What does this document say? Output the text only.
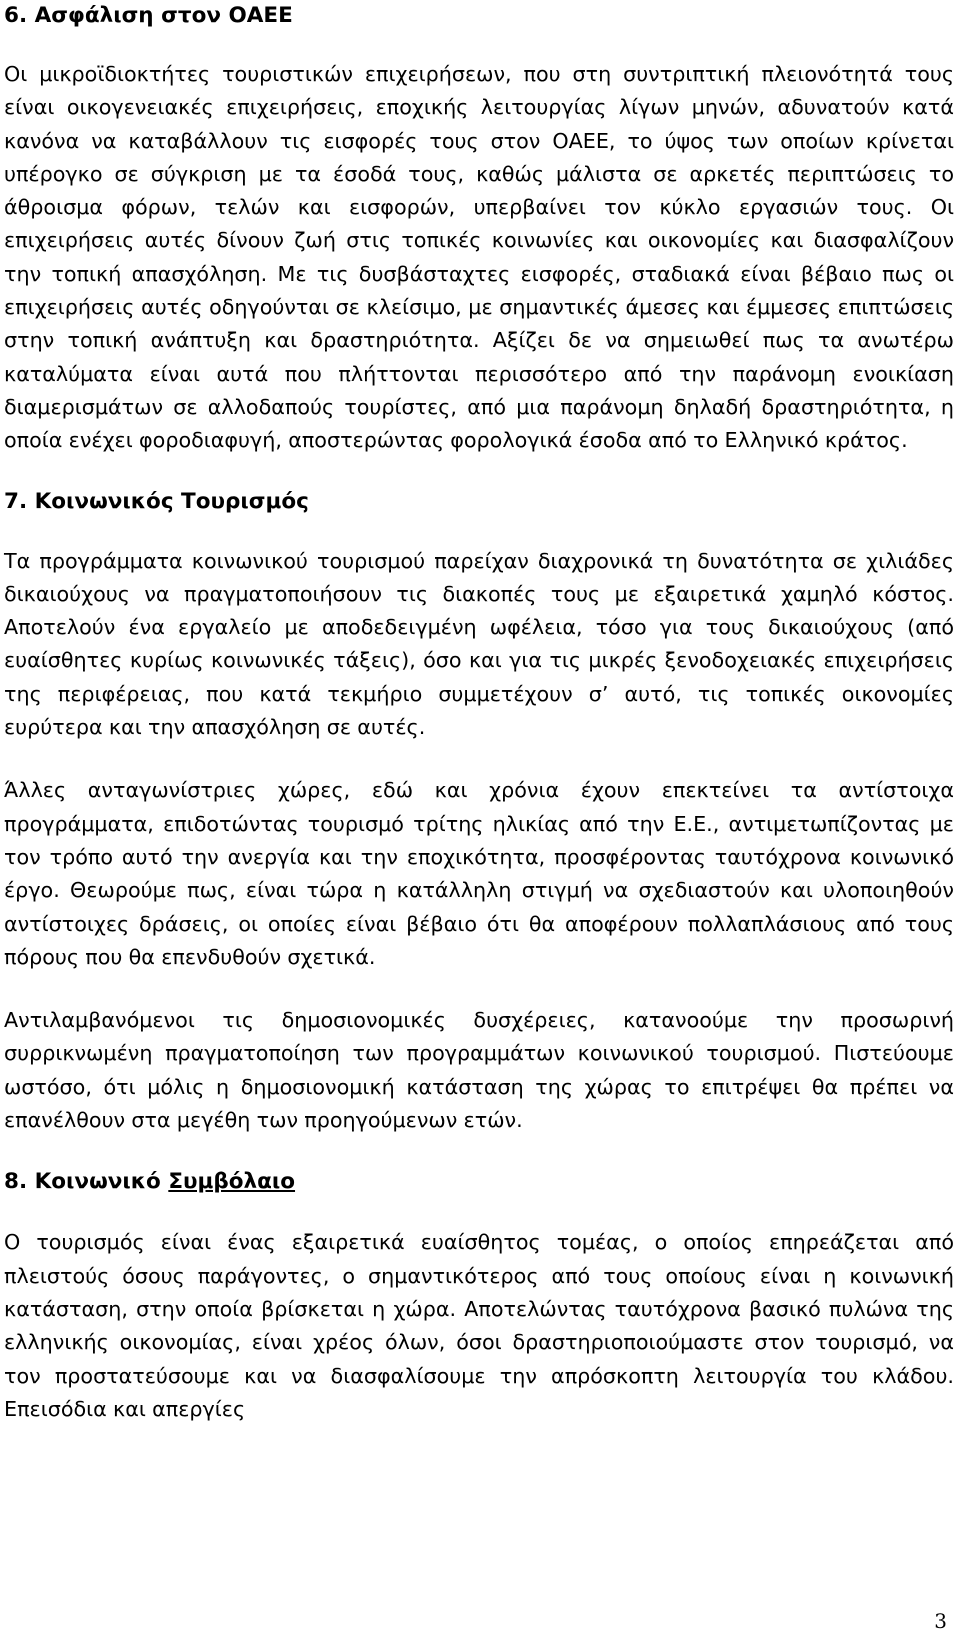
6. Ασφάλιση στον ΟΑΕΕ

Οι μικροϊδιοκτήτες τουριστικών επιχειρήσεων, που στη συντριπτική πλειονότητά τους είναι οικογενειακές επιχειρήσεις, εποχικής λειτουργίας λίγων μηνών, αδυνατούν κατά κανόνα να καταβάλλουν τις εισφορές τους στον ΟΑΕΕ, το ύψος των οποίων κρίνεται υπέρογκο σε σύγκριση με τα έσοδά τους, καθώς μάλιστα σε αρκετές περιπτώσεις το άθροισμα φόρων, τελών και εισφορών, υπερβαίνει τον κύκλο εργασιών τους. Οι επιχειρήσεις αυτές δίνουν ζωή στις τοπικές κοινωνίες και οικονομίες και διασφαλίζουν την τοπική απασχόληση. Με τις δυσβάσταχτες εισφορές, σταδιακά είναι βέβαιο πως οι επιχειρήσεις αυτές οδηγούνται σε κλείσιμο, με σημαντικές άμεσες και έμμεσες επιπτώσεις στην τοπική ανάπτυξη και δραστηριότητα. Αξίζει δε να σημειωθεί πως τα ανωτέρω καταλύματα είναι αυτά που πλήττονται περισσότερο από την παράνομη ενοικίαση διαμερισμάτων σε αλλοδαπούς τουρίστες, από μια παράνομη δηλαδή δραστηριότητα, η οποία ενέχει φοροδιαφυγή, αποστερώντας φορολογικά έσοδα από το Ελληνικό κράτος.

7. Κοινωνικός Τουρισμός

Τα προγράμματα κοινωνικού τουρισμού παρείχαν διαχρονικά τη δυνατότητα σε χιλιάδες δικαιούχους να πραγματοποιήσουν τις διακοπές τους με εξαιρετικά χαμηλό κόστος. Αποτελούν ένα εργαλείο με αποδεδειγμένη ωφέλεια, τόσο για τους δικαιούχους (από ευαίσθητες κυρίως κοινωνικές τάξεις), όσο και για τις μικρές ξενοδοχειακές επιχειρήσεις της περιφέρειας, που κατά τεκμήριο συμμετέχουν σ’ αυτό, τις τοπικές οικονομίες ευρύτερα και την απασχόληση σε αυτές.

Άλλες ανταγωνίστριες χώρες, εδώ και χρόνια έχουν επεκτείνει τα αντίστοιχα προγράμματα, επιδοτώντας τουρισμό τρίτης ηλικίας από την Ε.Ε., αντιμετωπίζοντας με τον τρόπο αυτό την ανεργία και την εποχικότητα, προσφέροντας ταυτόχρονα κοινωνικό έργο. Θεωρούμε πως, είναι τώρα η κατάλληλη στιγμή να σχεδιαστούν και υλοποιηθούν αντίστοιχες δράσεις, οι οποίες είναι βέβαιο ότι θα αποφέρουν πολλαπλάσιους από τους πόρους που θα επενδυθούν σχετικά.

Αντιλαμβανόμενοι τις δημοσιονομικές δυσχέρειες, κατανοούμε την προσωρινή συρρικνωμένη πραγματοποίηση των προγραμμάτων κοινωνικού τουρισμού. Πιστεύουμε ωστόσο, ότι μόλις η δημοσιονομική κατάσταση της χώρας το επιτρέψει θα πρέπει να επανέλθουν στα μεγέθη των προηγούμενων ετών.

8. Κοινωνικό Συμβόλαιο

Ο τουρισμός είναι ένας εξαιρετικά ευαίσθητος τομέας, ο οποίος επηρεάζεται από πλειστούς όσους παράγοντες, ο σημαντικότερος από τους οποίους είναι η κοινωνική κατάσταση, στην οποία βρίσκεται η χώρα. Αποτελώντας ταυτόχρονα βασικό πυλώνα της ελληνικής οικονομίας, είναι χρέος όλων, όσοι δραστηριοποιούμαστε στον τουρισμό, να τον προστατεύσουμε και να διασφαλίσουμε την απρόσκοπτη λειτουργία του κλάδου. Επεισόδια και απεργίες

3
